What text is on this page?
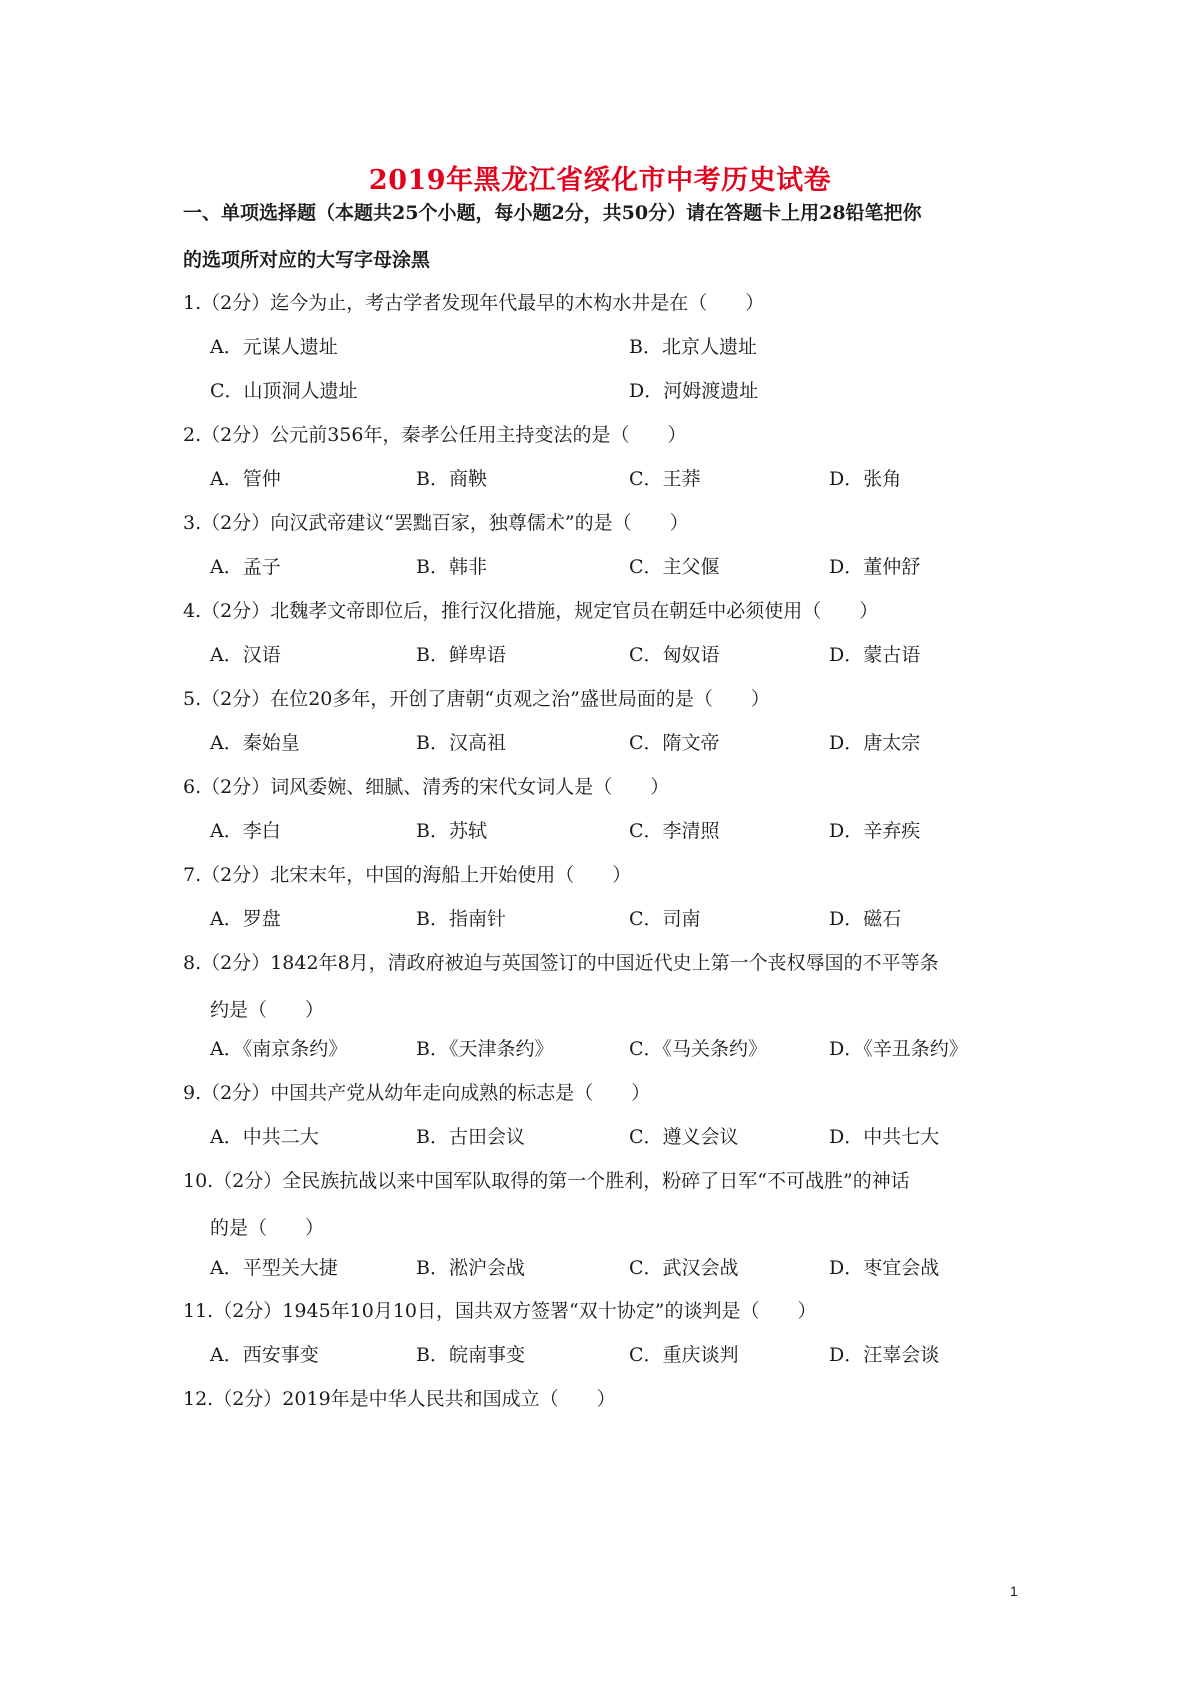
2019年黑龙江省绥化市中考历史试卷
一、单项选择题（本题共25个小题，每小题2分，共50分）请在答题卡上用28铅笔把你
的选项所对应的大写字母涂黑
1.（2分）迄今为止，考古学者发现年代最早的木构水井是在（　　）
A．元谋人遗址	B．北京人遗址
C．山顶洞人遗址	D．河姆渡遗址
2.（2分）公元前356年，秦孝公任用主持变法的是（　　）
A．管仲	B．商鞅	C．王莽	D．张角
3.（2分）向汉武帝建议“罢黜百家，独尊儒术”的是（　　）
A．孟子	B．韩非	C．主父偃	D．董仲舒
4.（2分）北魏孝文帝即位后，推行汉化措施，规定官员在朝廷中必须使用（　　）
A．汉语	B．鲜卑语	C．匈奴语	D．蒙古语
5.（2分）在位20多年，开创了唐朝“贞观之治”盛世局面的是（　　）
A．秦始皇	B．汉高祖	C．隋文帝	D．唐太宗
6.（2分）词风委婉、细腻、清秀的宋代女词人是（　　）
A．李白	B．苏轼	C．李清照	D．辛弃疾
7.（2分）北宋末年，中国的海船上开始使用（　　）
A．罗盘	B．指南针	C．司南	D．磁石
8.（2分）1842年8月，清政府被迫与英国签订的中国近代史上第一个丧权辱国的不平等条
约是（　　）
A．《南京条约》	B．《天津条约》	C．《马关条约》	D．《辛丑条约》
9.（2分）中国共产党从幼年走向成熟的标志是（　　）
A．中共二大	B．古田会议	C．遵义会议	D．中共七大
10.（2分）全民族抗战以来中国军队取得的第一个胜利，粉碎了日军“不可战胜”的神话
的是（　　）
A．平型关大捷	B．淞沪会战	C．武汉会战	D．枣宜会战
11.（2分）1945年10月10日，国共双方签署“双十协定”的谈判是（　　）
A．西安事变	B．皖南事变	C．重庆谈判	D．汪辜会谈
12.（2分）2019年是中华人民共和国成立（　　）
1
